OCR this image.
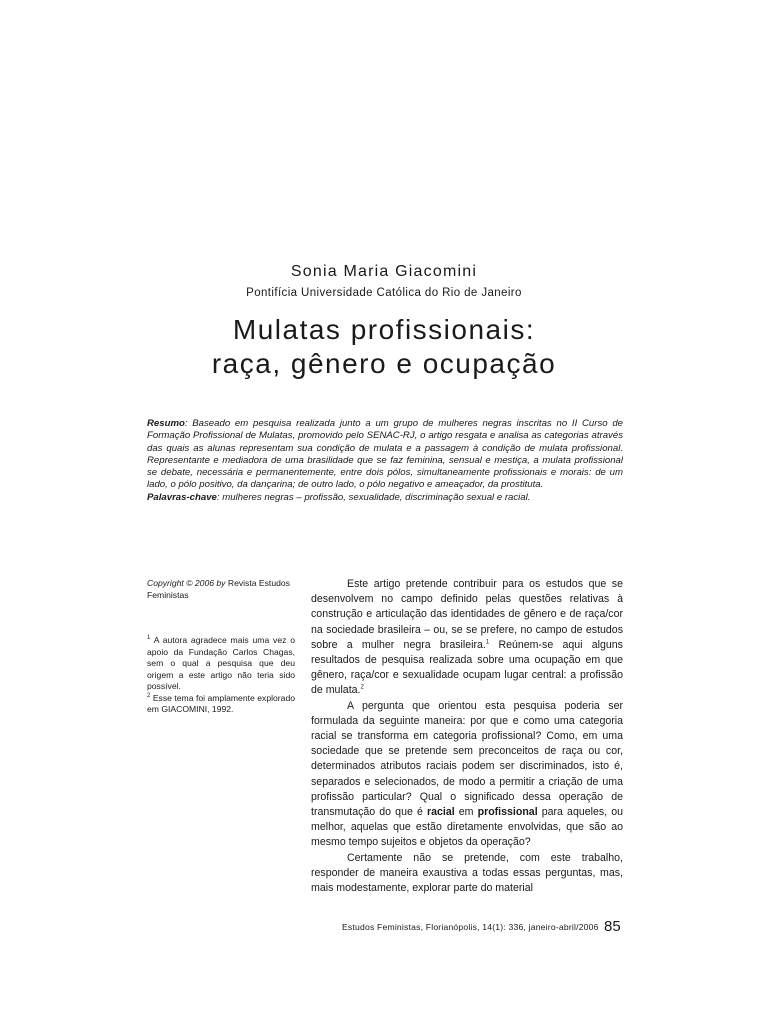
Sonia Maria Giacomini
Pontifícia Universidade Católica do Rio de Janeiro
Mulatas profissionais:
raça, gênero e ocupação

Resumo: Baseado em pesquisa realizada junto a um grupo de mulheres negras inscritas no II Curso de Formação Profissional de Mulatas, promovido pelo SENAC-RJ, o artigo resgata e analisa as categorias através das quais as alunas representam sua condição de mulata e a passagem à condição de mulata profissional. Representante e mediadora de uma brasilidade que se faz feminina, sensual e mestiça, a mulata profissional se debate, necessária e permanentemente, entre dois pólos, simultaneamente profissionais e morais: de um lado, o pólo positivo, da dançarina; de outro lado, o pólo negativo e ameaçador, da prostituta.

Palavras-chave: mulheres negras – profissão, sexualidade, discriminação sexual e racial.

Copyright © 2006 by Revista Estudos Feministas

$^1$ A autora agradece mais uma vez o apoio da Fundação Carlos Chagas, sem o qual a pesquisa que deu origem a este artigo não teria sido possível.

$^2$ Esse tema foi amplamente explorado em GIACOMINI, 1992.

Este artigo pretende contribuir para os estudos que se desenvolvem no campo definido pelas questões relativas à construção e articulação das identidades de gênero e de raça/cor na sociedade brasileira – ou, se se prefere, no campo de estudos sobre a mulher negra brasileira.$^1$ Reúnem-se aqui alguns resultados de pesquisa realizada sobre uma ocupação em que gênero, raça/cor e sexualidade ocupam lugar central: a profissão de mulata.$^2$

A pergunta que orientou esta pesquisa poderia ser formulada da seguinte maneira: por que e como uma categoria racial se transforma em categoria profissional? Como, em uma sociedade que se pretende sem preconceitos de raça ou cor, determinados atributos raciais podem ser discriminados, isto é, separados e selecionados, de modo a permitir a criação de uma profissão particular? Qual o significado dessa operação de transmutação do que é racial em profissional para aqueles, ou melhor, aquelas que estão diretamente envolvidas, que são ao mesmo tempo sujeitos e objetos da operação?

Certamente não se pretende, com este trabalho, responder de maneira exaustiva a todas essas perguntas, mas, mais modestamente, explorar parte do material

Estudos Feministas, Florianópolis, 14(1): 336, janeiro-abril/2006 85
